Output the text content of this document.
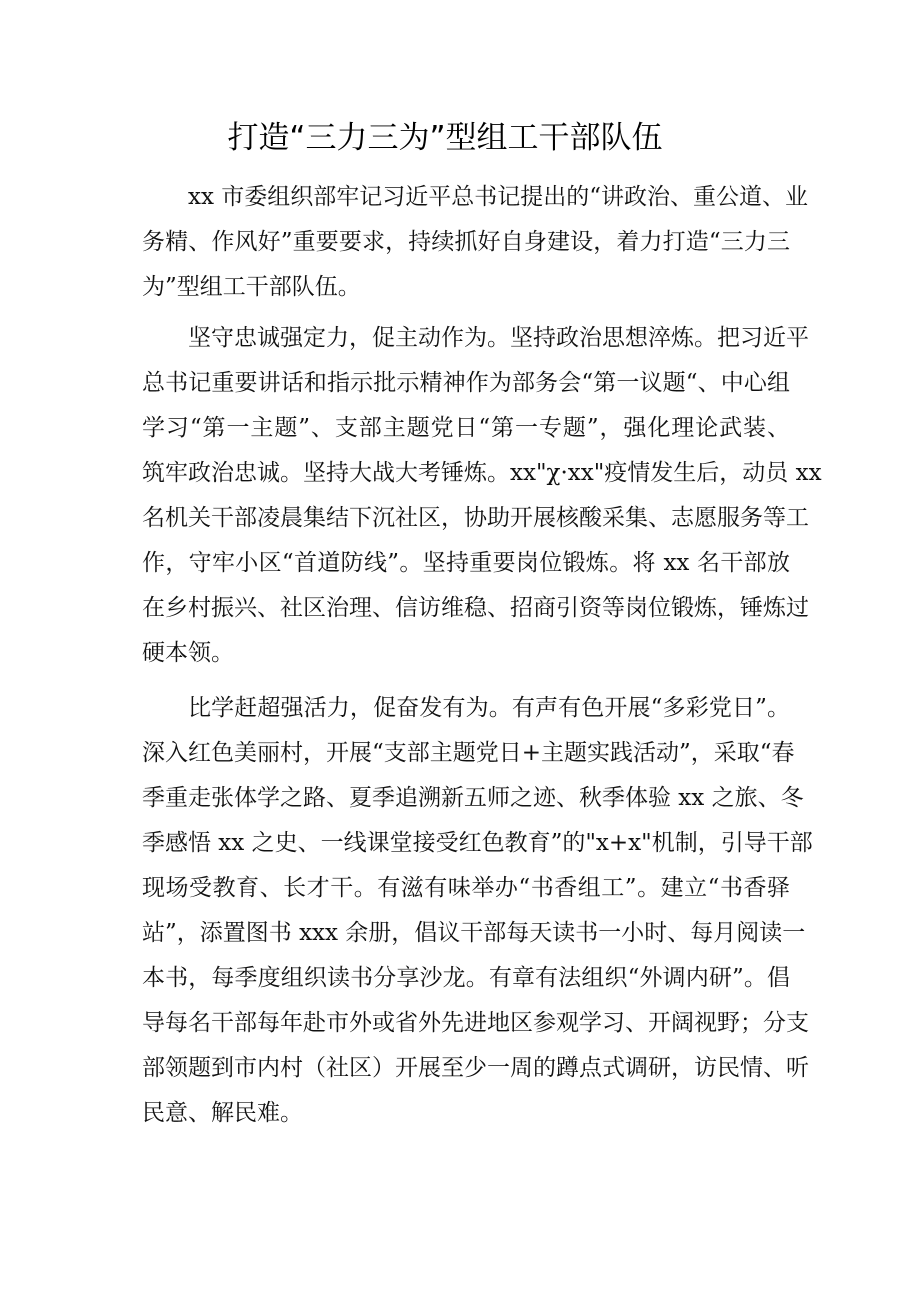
打造“三力三为”型组工干部队伍
xx 市委组织部牢记习近平总书记提出的“讲政治、重公道、业
务精、作风好”重要要求，持续抓好自身建设，着力打造“三力三
为”型组工干部队伍。
坚守忠诚强定力，促主动作为。坚持政治思想淬炼。把习近平
总书记重要讲话和指示批示精神作为部务会“第一议题“、中心组
学习“第一主题”、支部主题党日“第一专题”，强化理论武装、
筑牢政治忠诚。坚持大战大考锤炼。xx"χ·xx"疫情发生后，动员 xx
名机关干部凌晨集结下沉社区，协助开展核酸采集、志愿服务等工
作，守牢小区“首道防线”。坚持重要岗位锻炼。将 xx 名干部放
在乡村振兴、社区治理、信访维稳、招商引资等岗位锻炼，锤炼过
硬本领。
比学赶超强活力，促奋发有为。有声有色开展“多彩党日”。
深入红色美丽村，开展“支部主题党日+主题实践活动”，采取“春
季重走张体学之路、夏季追溯新五师之迹、秋季体验 xx 之旅、冬
季感悟 xx 之史、一线课堂接受红色教育”的"x+x"机制，引导干部
现场受教育、长才干。有滋有味举办“书香组工”。建立“书香驿
站”，添置图书 xxx 余册，倡议干部每天读书一小时、每月阅读一
本书，每季度组织读书分享沙龙。有章有法组织“外调内研”。倡
导每名干部每年赴市外或省外先进地区参观学习、开阔视野；分支
部领题到市内村（社区）开展至少一周的蹲点式调研，访民情、听
民意、解民难。
